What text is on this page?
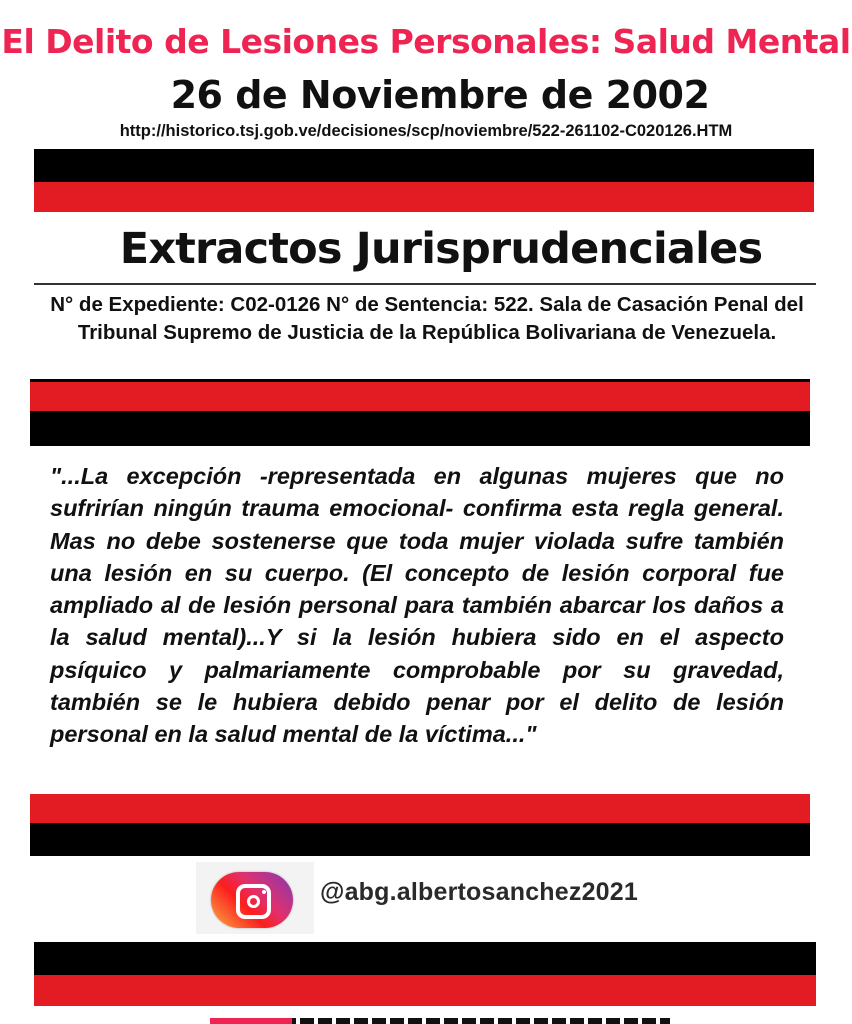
El Delito de Lesiones Personales: Salud Mental
26 de Noviembre de 2002
http://historico.tsj.gob.ve/decisiones/scp/noviembre/522-261102-C020126.HTM
Extractos Jurisprudenciales
N° de Expediente: C02-0126 N° de Sentencia: 522. Sala de Casación Penal del Tribunal Supremo de Justicia de la República Bolivariana de Venezuela.
"...La excepción -representada en algunas mujeres que no sufrirían ningún trauma emocional- confirma esta regla general. Mas no debe sostenerse que toda mujer violada sufre también una lesión en su cuerpo. (El concepto de lesión corporal fue ampliado al de lesión personal para también abarcar los daños a la salud mental)...Y si la lesión hubiera sido en el aspecto psíquico y palmariamente comprobable por su gravedad, también se le hubiera debido penar por el delito de lesión personal en la salud mental de la víctima..."
@abg.albertosanchez2021
